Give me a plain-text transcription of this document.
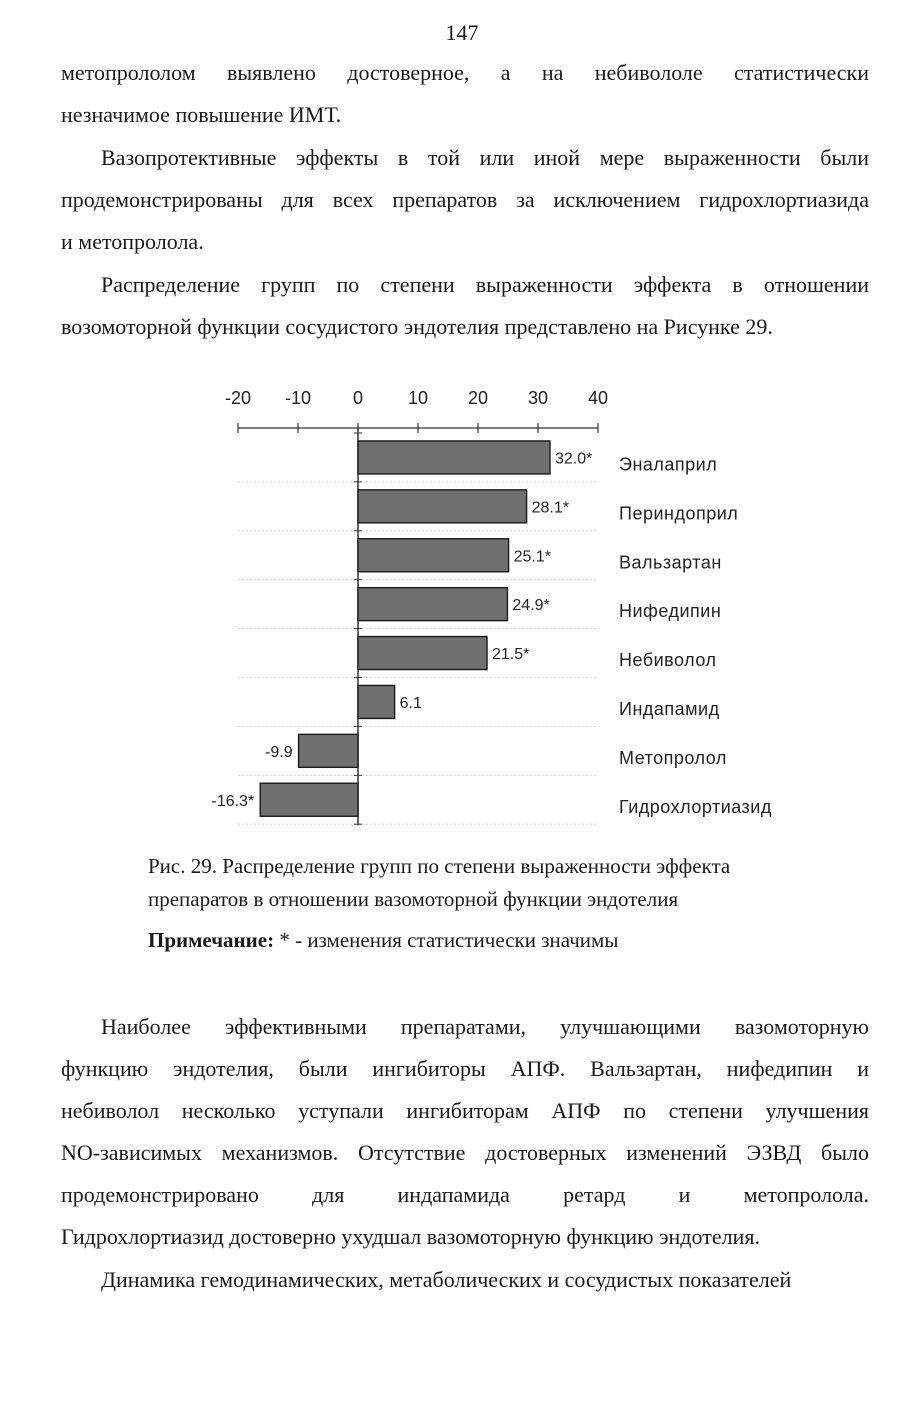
147
метопрололом выявлено достоверное, а на небивололе статистически
незначимое повышение ИМТ.
Вазопротективные эффекты в той или иной мере выраженности были
продемонстрированы для всех препаратов за исключением гидрохлортиазида
и метопролола.
Распределение групп по степени выраженности эффекта в отношении
возомоторной функции сосудистого эндотелия представлено на Рисунке 29.
-20 -10 0 10 20 30 40
32.0* Эналаприл
28.1*	Периндоприл
25.1*	Вальзартан
24.9*	Нифедипин
21.5*	Небиволол
6.1	Индапамид
-9.9	Метопролол
-16.3*	Гидрохлортиазид
Рис. 29. Распределение групп по степени выраженности эффекта
препаратов в отношении вазомоторной функции эндотелия
Примечание: * - изменения статистически значимы
Наиболее эффективными препаратами, улучшающими вазомоторную
функцию эндотелия, были ингибиторы АПФ. Вальзартан, нифедипин и
небиволол несколько уступали ингибиторам АПФ по степени улучшения
NO-зависимых механизмов. Отсутствие достоверных изменений ЭЗВД было
продемонстрировано для индапамида ретард и метопролола.
Гидрохлортиазид достоверно ухудшал вазомоторную функцию эндотелия.
Динамика гемодинамических, метаболических и сосудистых показателей
